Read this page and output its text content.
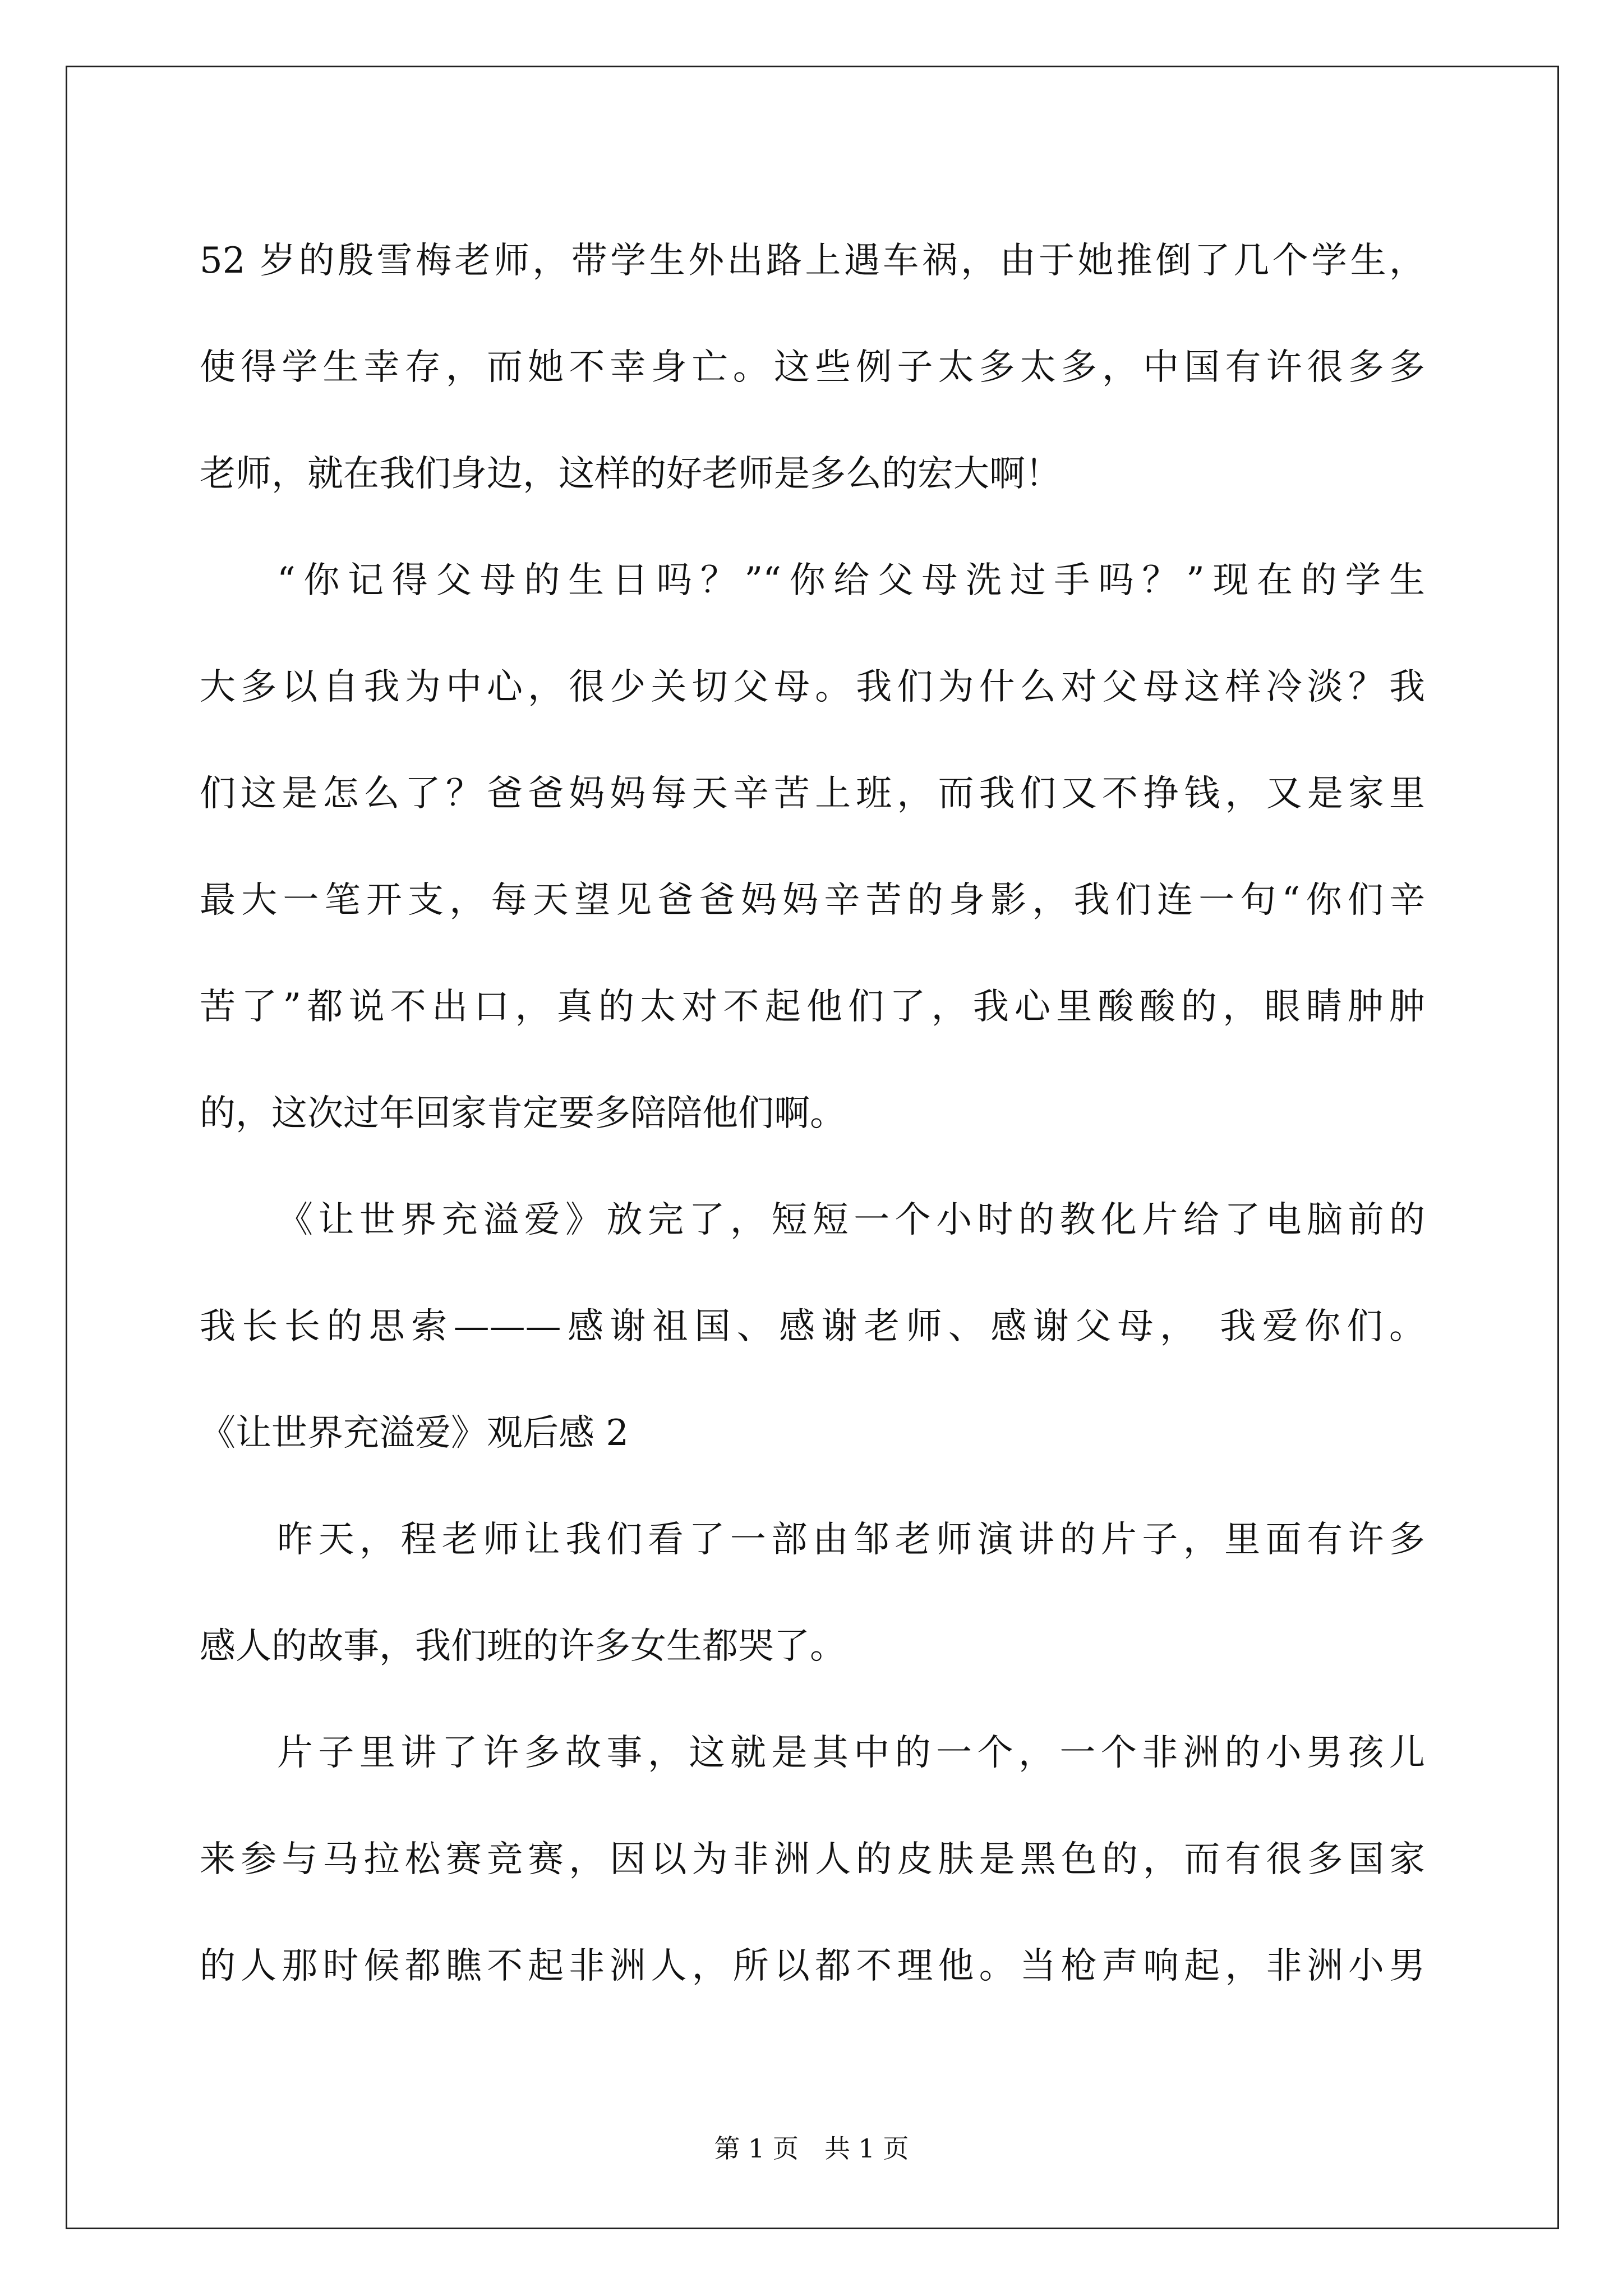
52 岁的殷雪梅老师，带学生外出路上遇车祸，由于她推倒了几个学生，
使得学生幸存，而她不幸身亡。这些例子太多太多，中国有许很多多
老师，就在我们身边，这样的好老师是多么的宏大啊！
“你记得父母的生日吗？”“你给父母洗过手吗？”现在的学生
大多以自我为中心，很少关切父母。我们为什么对父母这样冷淡？我
们这是怎么了？爸爸妈妈每天辛苦上班，而我们又不挣钱，又是家里
最大一笔开支，每天望见爸爸妈妈辛苦的身影，我们连一句“你们辛
苦了”都说不出口，真的太对不起他们了，我心里酸酸的，眼睛肿肿
的，这次过年回家肯定要多陪陪他们啊。
《让世界充溢爱》放完了，短短一个小时的教化片给了电脑前的
我长长的思索———感谢祖国、感谢老师、感谢父母， 我爱你们。
《让世界充溢爱》观后感 2
昨天，程老师让我们看了一部由邹老师演讲的片子，里面有许多
感人的故事，我们班的许多女生都哭了。
片子里讲了许多故事，这就是其中的一个，一个非洲的小男孩儿
来参与马拉松赛竞赛，因以为非洲人的皮肤是黑色的，而有很多国家
的人那时候都瞧不起非洲人，所以都不理他。当枪声响起，非洲小男
第 1 页　共 1 页
